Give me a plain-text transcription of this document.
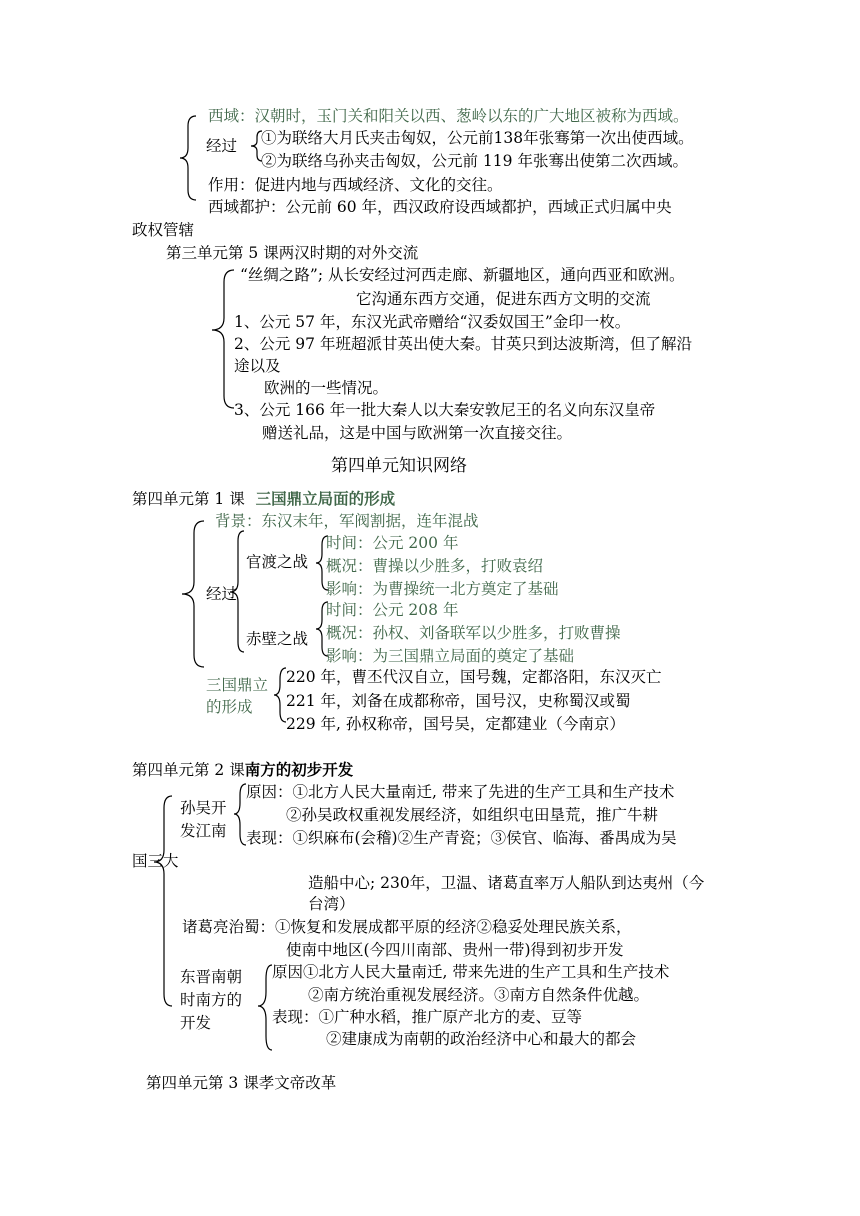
西域：汉朝时，玉门关和阳关以西、葱岭以东的广大地区被称为西域。
经过 ①为联络大月氏夹击匈奴，公元前138年张骞第一次出使西域。
②为联络乌孙夹击匈奴，公元前 119 年张骞出使第二次西域。
作用：促进内地与西域经济、文化的交往。
西域都护：公元前 60 年，西汉政府设西域都护，西域正式归属中央
政权管辖
第三单元第 5 课两汉时期的对外交流
“丝绸之路”; 从长安经过河西走廊、新疆地区，通向西亚和欧洲。
它沟通东西方交通，促进东西方文明的交流
1、公元 57 年，东汉光武帝赠给“汉委奴国王”金印一枚。
2、公元 97 年班超派甘英出使大秦。甘英只到达波斯湾，但了解沿
途以及
欧洲的一些情况。
3、公元 166 年一批大秦人以大秦安敦尼王的名义向东汉皇帝
赠送礼品，这是中国与欧洲第一次直接交往。
第四单元知识网络
第四单元第 1 课 三国鼎立局面的形成
背景：东汉末年，军阀割据，连年混战
经过
官渡之战
时间：公元 200 年
概况：曹操以少胜多，打败袁绍
影响：为曹操统一北方奠定了基础
赤壁之战
时间：公元 208 年
概况：孙权、刘备联军以少胜多，打败曹操
影响：为三国鼎立局面的奠定了基础
三国鼎立
的形成
220 年，曹丕代汉自立，国号魏，定都洛阳，东汉灭亡
221 年，刘备在成都称帝，国号汉，史称蜀汉或蜀
229 年, 孙权称帝，国号吴，定都建业（今南京）
第四单元第 2 课南方的初步开发
孙吴开
发江南
原因：①北方人民大量南迁, 带来了先进的生产工具和生产技术
②孙吴政权重视发展经济，如组织屯田垦荒，推广牛耕
表现：①织麻布(会稽)②生产青瓷；③侯官、临海、番禺成为吴
国三大
造船中心; 230年，卫温、诸葛直率万人船队到达夷州（今
台湾）
诸葛亮治蜀：①恢复和发展成都平原的经济②稳妥处理民族关系，
使南中地区(今四川南部、贵州一带)得到初步开发
东晋南朝
时南方的
开发
原因①北方人民大量南迁, 带来先进的生产工具和生产技术
②南方统治重视发展经济。③南方自然条件优越。
表现：①广种水稻，推广原产北方的麦、豆等
②建康成为南朝的政治经济中心和最大的都会
第四单元第 3 课孝文帝改革
